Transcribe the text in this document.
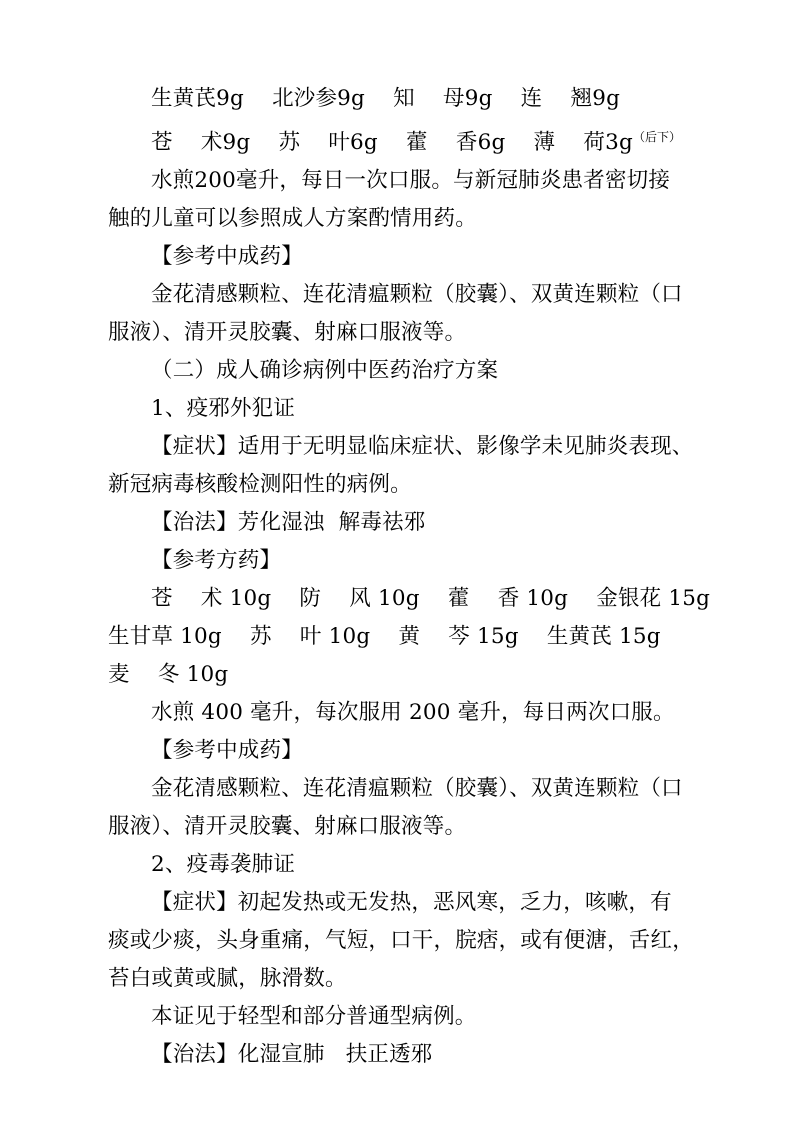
生黄芪9g    北沙参9g    知    母9g    连    翘9g
苍    术9g    苏    叶6g    藿    香6g    薄    荷$3g^{(后下)}$
水煎200毫升，每日一次口服。与新冠肺炎患者密切接
触的儿童可以参照成人方案酌情用药。
【参考中成药】
金花清感颗粒、连花清瘟颗粒（胶囊）、双黄连颗粒（口
服液）、清开灵胶囊、射麻口服液等。
（二）成人确诊病例中医药治疗方案
1、疫邪外犯证
【症状】适用于无明显临床症状、影像学未见肺炎表现、
新冠病毒核酸检测阳性的病例。
【治法】芳化湿浊  解毒祛邪
【参考方药】
苍    术 10g    防    风 10g    藿    香 10g    金银花 15g
生甘草 10g    苏    叶 10g    黄    芩 15g    生黄芪 15g
麦    冬 10g
水煎 400 毫升，每次服用 200 毫升，每日两次口服。
【参考中成药】
金花清感颗粒、连花清瘟颗粒（胶囊）、双黄连颗粒（口
服液）、清开灵胶囊、射麻口服液等。
2、疫毒袭肺证
【症状】初起发热或无发热，恶风寒，乏力，咳嗽，有
痰或少痰，头身重痛，气短，口干，脘痞，或有便溏，舌红，
苔白或黄或腻，脉滑数。
本证见于轻型和部分普通型病例。
【治法】化湿宣肺   扶正透邪
